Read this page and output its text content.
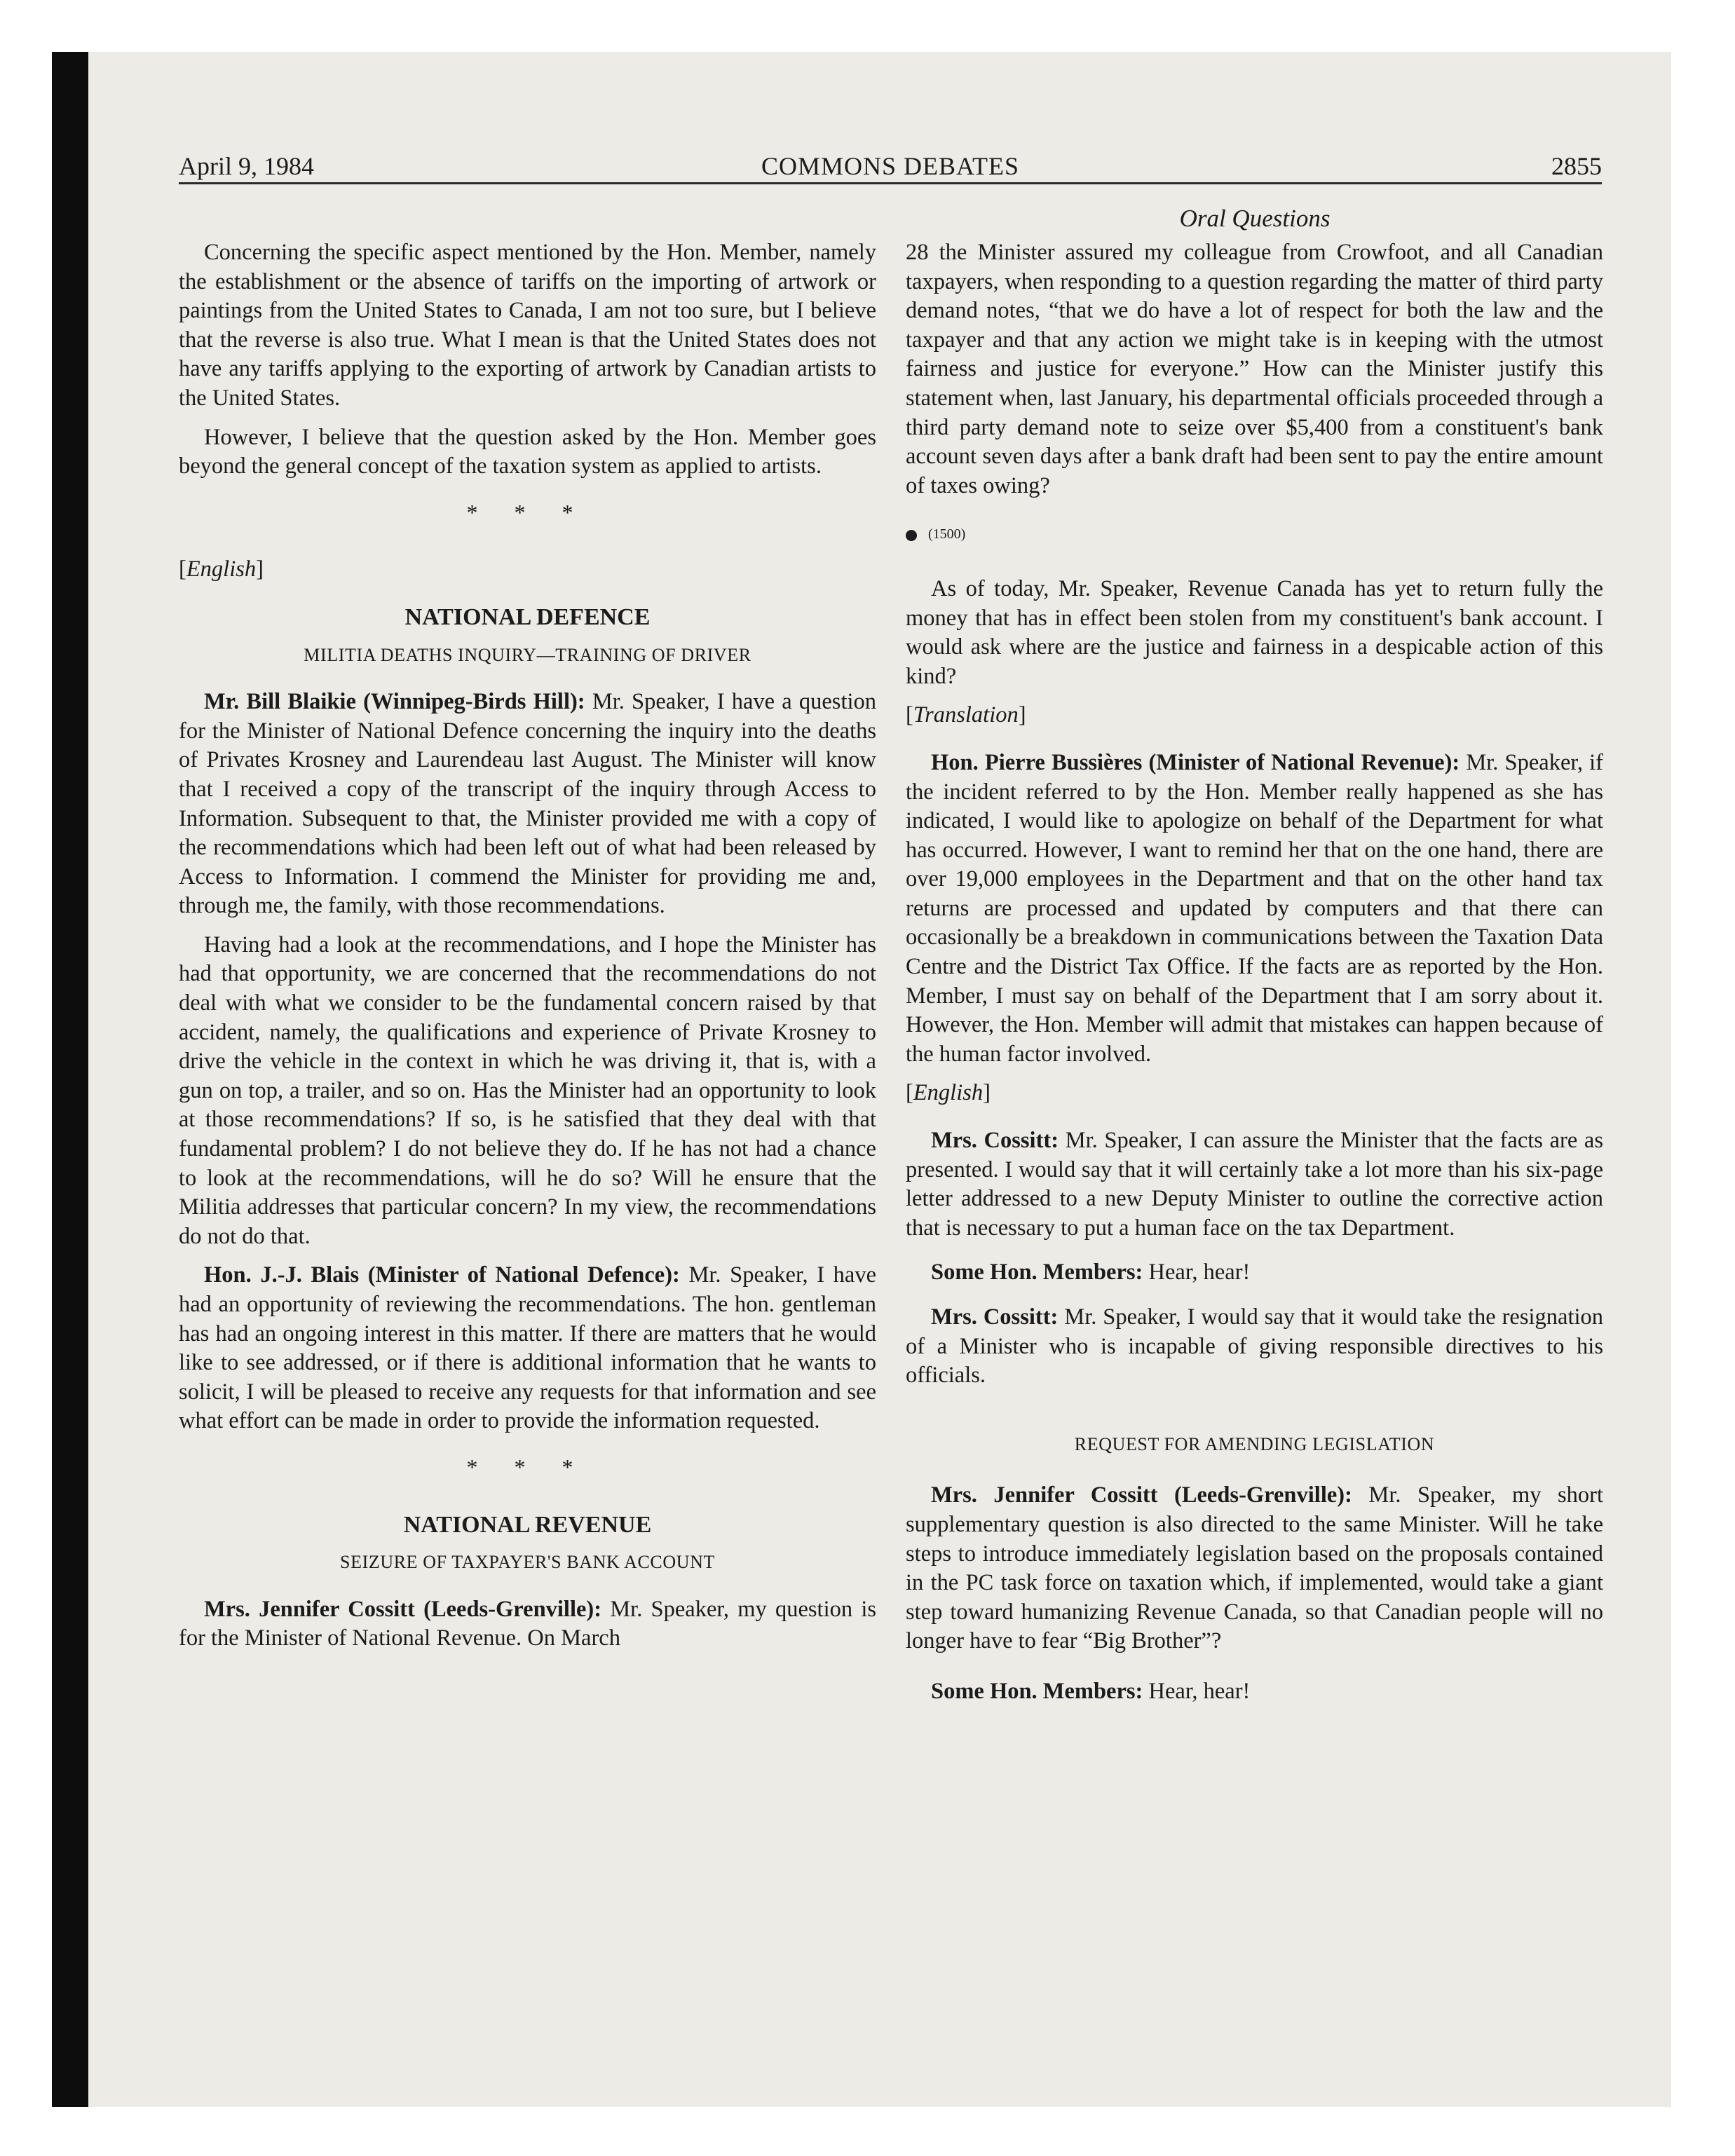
April 9, 1984	COMMONS DEBATES	2855
Oral Questions

Concerning the specific aspect mentioned by the Hon. Member, namely the establishment or the absence of tariffs on the importing of artwork or paintings from the United States to Canada, I am not too sure, but I believe that the reverse is also true. What I mean is that the United States does not have any tariffs applying to the exporting of artwork by Canadian artists to the United States.

However, I believe that the question asked by the Hon. Member goes beyond the general concept of the taxation system as applied to artists.

* * *
[English]
NATIONAL DEFENCE
MILITIA DEATHS INQUIRY—TRAINING OF DRIVER

Mr. Bill Blaikie (Winnipeg-Birds Hill): Mr. Speaker, I have a question for the Minister of National Defence concerning the inquiry into the deaths of Privates Krosney and Laurendeau last August. The Minister will know that I received a copy of the transcript of the inquiry through Access to Information. Subsequent to that, the Minister provided me with a copy of the recommendations which had been left out of what had been released by Access to Information. I commend the Minister for providing me and, through me, the family, with those recommendations.

Having had a look at the recommendations, and I hope the Minister has had that opportunity, we are concerned that the recommendations do not deal with what we consider to be the fundamental concern raised by that accident, namely, the qualifications and experience of Private Krosney to drive the vehicle in the context in which he was driving it, that is, with a gun on top, a trailer, and so on. Has the Minister had an opportunity to look at those recommendations? If so, is he satisfied that they deal with that fundamental problem? I do not believe they do. If he has not had a chance to look at the recommendations, will he do so? Will he ensure that the Militia addresses that particular concern? In my view, the recommendations do not do that.

Hon. J.-J. Blais (Minister of National Defence): Mr. Speaker, I have had an opportunity of reviewing the recommendations. The hon. gentleman has had an ongoing interest in this matter. If there are matters that he would like to see addressed, or if there is additional information that he wants to solicit, I will be pleased to receive any requests for that information and see what effort can be made in order to provide the information requested.

* * *
NATIONAL REVENUE
SEIZURE OF TAXPAYER'S BANK ACCOUNT

Mrs. Jennifer Cossitt (Leeds-Grenville): Mr. Speaker, my question is for the Minister of National Revenue. On March

28 the Minister assured my colleague from Crowfoot, and all Canadian taxpayers, when responding to a question regarding the matter of third party demand notes, “that we do have a lot of respect for both the law and the taxpayer and that any action we might take is in keeping with the utmost fairness and justice for everyone.” How can the Minister justify this statement when, last January, his departmental officials proceeded through a third party demand note to seize over $5,400 from a constituent's bank account seven days after a bank draft had been sent to pay the entire amount of taxes owing?

(1500)

As of today, Mr. Speaker, Revenue Canada has yet to return fully the money that has in effect been stolen from my constituent's bank account. I would ask where are the justice and fairness in a despicable action of this kind?

[Translation]

Hon. Pierre Bussières (Minister of National Revenue): Mr. Speaker, if the incident referred to by the Hon. Member really happened as she has indicated, I would like to apologize on behalf of the Department for what has occurred. However, I want to remind her that on the one hand, there are over 19,000 employees in the Department and that on the other hand tax returns are processed and updated by computers and that there can occasionally be a breakdown in communications between the Taxation Data Centre and the District Tax Office. If the facts are as reported by the Hon. Member, I must say on behalf of the Department that I am sorry about it. However, the Hon. Member will admit that mistakes can happen because of the human factor involved.

[English]

Mrs. Cossitt: Mr. Speaker, I can assure the Minister that the facts are as presented. I would say that it will certainly take a lot more than his six-page letter addressed to a new Deputy Minister to outline the corrective action that is necessary to put a human face on the tax Department.

Some Hon. Members: Hear, hear!

Mrs. Cossitt: Mr. Speaker, I would say that it would take the resignation of a Minister who is incapable of giving responsible directives to his officials.

REQUEST FOR AMENDING LEGISLATION

Mrs. Jennifer Cossitt (Leeds-Grenville): Mr. Speaker, my short supplementary question is also directed to the same Minister. Will he take steps to introduce immediately legislation based on the proposals contained in the PC task force on taxation which, if implemented, would take a giant step toward humanizing Revenue Canada, so that Canadian people will no longer have to fear “Big Brother”?

Some Hon. Members: Hear, hear!
